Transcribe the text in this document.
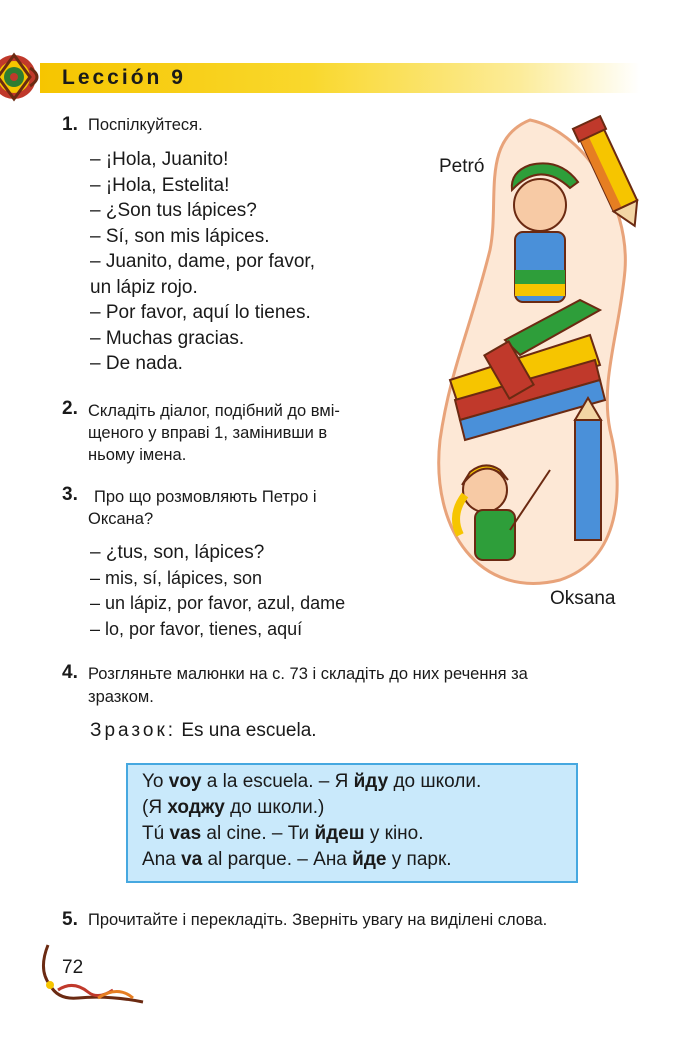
Lección 9
1. Поспілкуйтеся.
– ¡Hola, Juanito!
– ¡Hola, Estelita!
– ¿Son tus lápices?
– Sí, son mis lápices.
– Juanito, dame, por favor,
un lápiz rojo.
– Por favor, aquí lo tienes.
– Muchas gracias.
– De nada.
2. Складіть діалог, подібний до вмі-
щеного у вправі 1, замінивши в
ньому імена.
3. Про що розмовляють Петро і
Оксана?
– ¿tus, son, lápices?
– mis, sí, lápices, son
– un lápiz, por favor, azul, dame
– lo, por favor, tienes, aquí
Petró
Oksana
4. Розгляньте малюнки на с. 73 і складіть до них речення за
зразком.
Зразок: Es una escuela.
Yo voy a la escuela. – Я йду до школи.
(Я ходжу до школи.)
Tú vas al cine. – Ти йдеш у кіно.
Ana va al parque. – Ана йде у парк.
5. Прочитайте і перекладіть. Зверніть увагу на виділені слова.
72
